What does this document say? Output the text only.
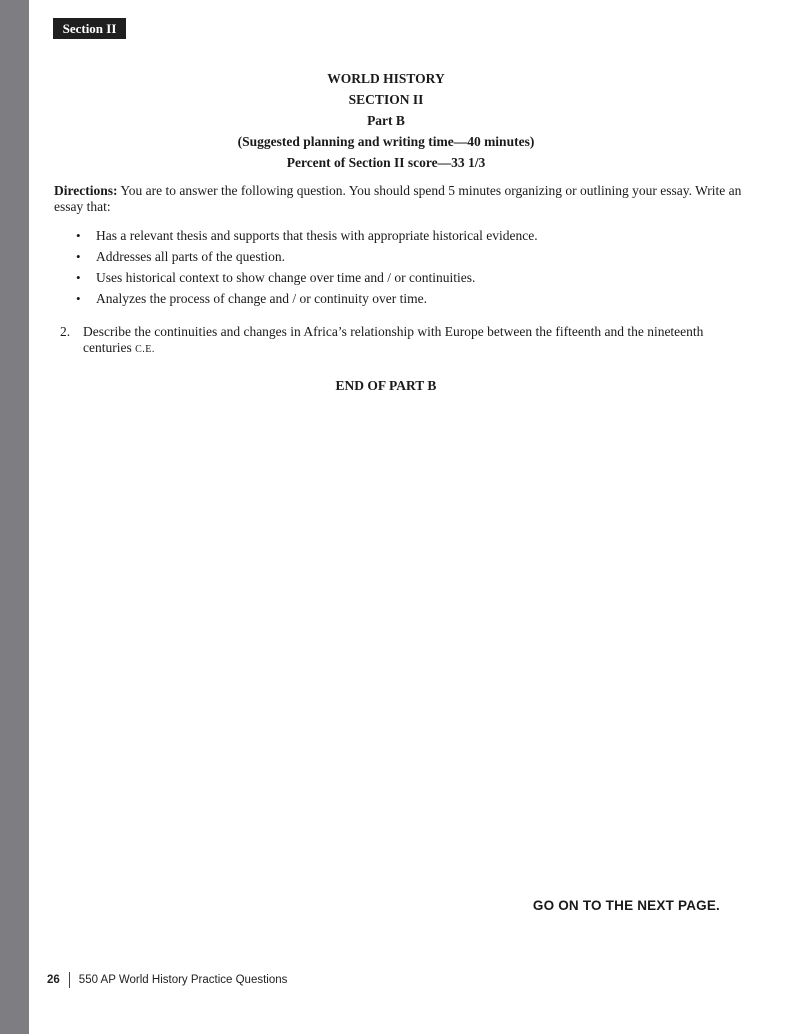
Section II
WORLD HISTORY
SECTION II
Part B
(Suggested planning and writing time—40 minutes)
Percent of Section II score—33 1/3
Directions: You are to answer the following question. You should spend 5 minutes organizing or outlining your essay. Write an essay that:
• Has a relevant thesis and supports that thesis with appropriate historical evidence.
• Addresses all parts of the question.
• Uses historical context to show change over time and / or continuities.
• Analyzes the process of change and / or continuity over time.
2. Describe the continuities and changes in Africa’s relationship with Europe between the fifteenth and the nineteenth centuries C.E.
END OF PART B
GO ON TO THE NEXT PAGE.
26 550 AP World History Practice Questions
